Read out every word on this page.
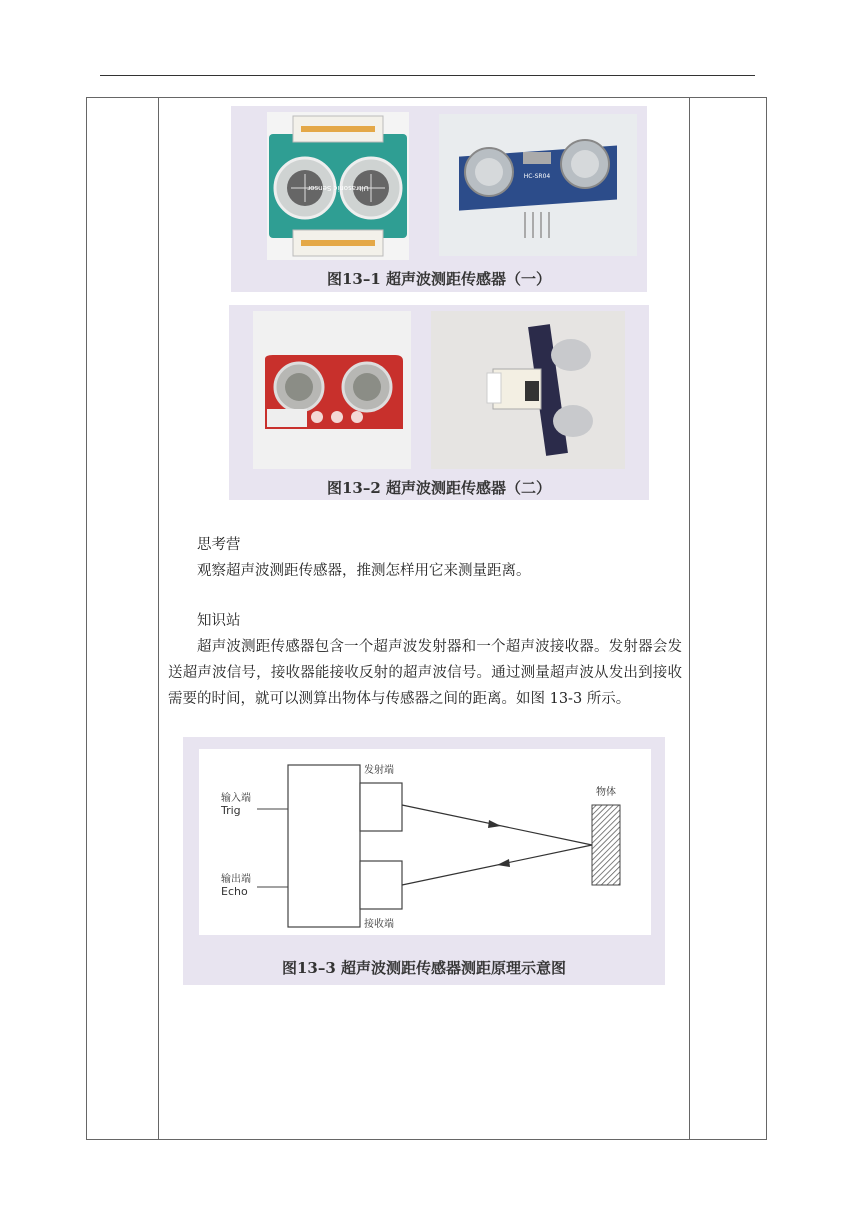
Ultrasonic Sensor
HC-SR04
图13–1 超声波测距传感器（一）
图13–2 超声波测距传感器（二）
思考营
观察超声波测距传感器，推测怎样用它来测量距离。
知识站
超声波测距传感器包含一个超声波发射器和一个超声波接收器。发射器会发送超声波信号，接收器能接收反射的超声波信号。通过测量超声波从发出到接收需要的时间，就可以测算出物体与传感器之间的距离。如图 13-3 所示。
发射端
接收端
物体
输入端
Trig
输出端
Echo
图13–3 超声波测距传感器测距原理示意图
